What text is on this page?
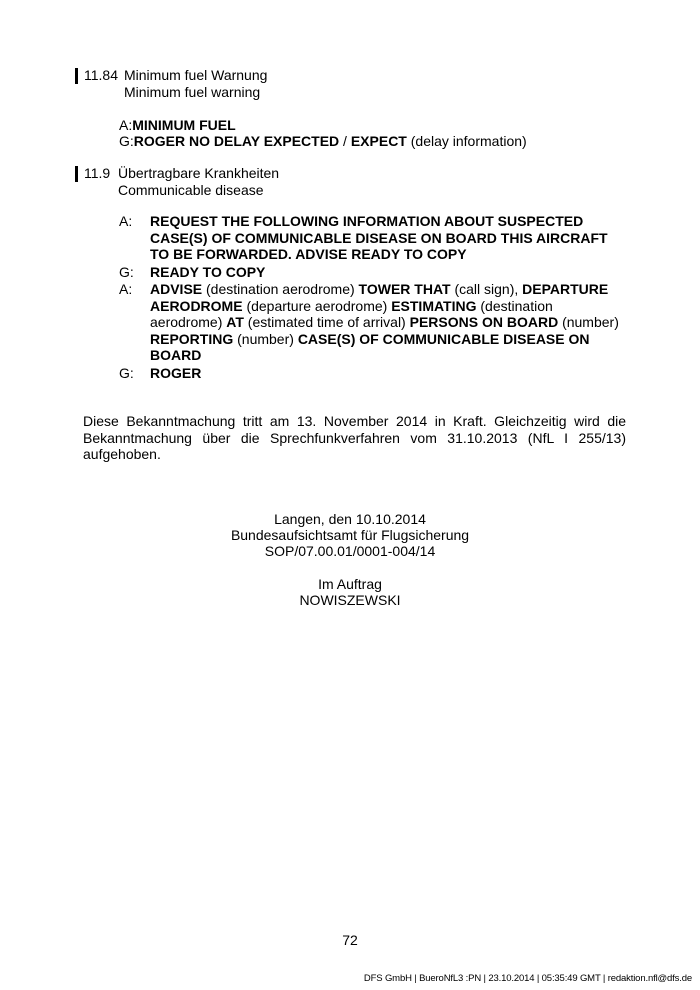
11.84 Minimum fuel Warnung
Minimum fuel warning
A:MINIMUM FUEL
G:ROGER NO DELAY EXPECTED / EXPECT (delay information)
11.9 Übertragbare Krankheiten
Communicable disease
A: REQUEST THE FOLLOWING INFORMATION ABOUT SUSPECTED CASE(S) OF COMMUNICABLE DISEASE ON BOARD THIS AIRCRAFT TO BE FORWARDED. ADVISE READY TO COPY
G: READY TO COPY
A: ADVISE (destination aerodrome) TOWER THAT (call sign), DEPARTURE AERODROME (departure aerodrome) ESTIMATING (destination aerodrome) AT (estimated time of arrival) PERSONS ON BOARD (number) REPORTING (number) CASE(S) OF COMMUNICABLE DISEASE ON BOARD
G: ROGER
Diese Bekanntmachung tritt am 13. November 2014 in Kraft. Gleichzeitig wird die Bekanntmachung über die Sprechfunkverfahren vom 31.10.2013 (NfL I 255/13) aufgehoben.
Langen, den 10.10.2014
Bundesaufsichtsamt für Flugsicherung
SOP/07.00.01/0001-004/14
Im Auftrag
NOWISZEWSKI
72
DFS GmbH | BueroNfL3 :PN | 23.10.2014 | 05:35:49 GMT | redaktion.nfl@dfs.de
